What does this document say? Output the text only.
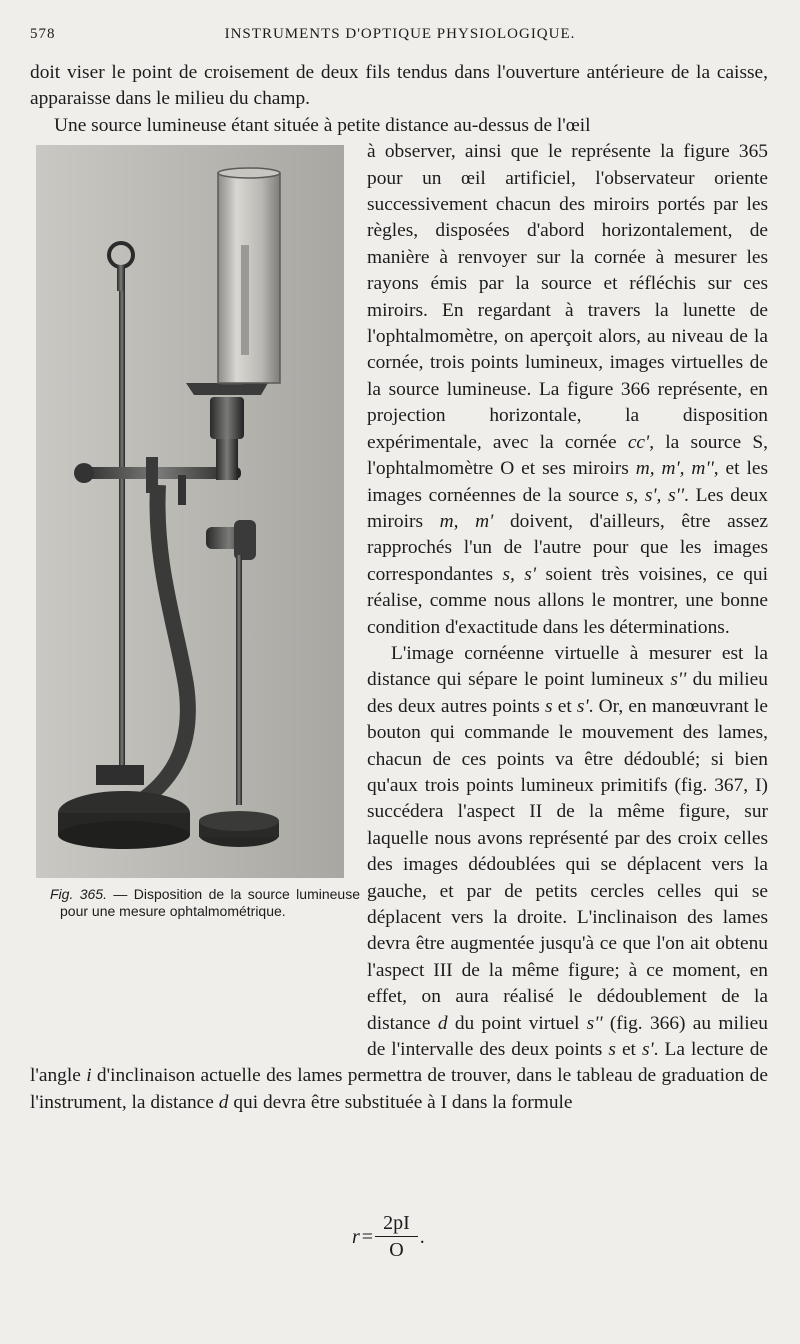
578	INSTRUMENTS D'OPTIQUE PHYSIOLOGIQUE.

doit viser le point de croisement de deux fils tendus dans l'ouverture antérieure de la caisse, apparaisse dans le milieu du champ.

Une source lumineuse étant située à petite distance au-dessus de l'œil

Fig. 365. — Disposition de la source lumineuse pour une mesure ophtalmométrique.

à observer, ainsi que le représente la figure 365 pour un œil artificiel, l'observateur oriente successivement chacun des miroirs portés par les règles, disposées d'abord horizontalement, de manière à renvoyer sur la cornée à mesurer les rayons émis par la source et réfléchis sur ces miroirs. En regardant à travers la lunette de l'ophtalmomètre, on aperçoit alors, au niveau de la cornée, trois points lumineux, images virtuelles de la source lumineuse. La figure 366 représente, en projection horizontale, la disposition expérimentale, avec la cornée cc', la source S, l'ophtalmomètre O et ses miroirs m, m', m'', et les images cornéennes de la source s, s', s''. Les deux miroirs m, m' doivent, d'ailleurs, être assez rapprochés l'un de l'autre pour que les images correspondantes s, s' soient très voisines, ce qui réalise, comme nous allons le montrer, une bonne condition d'exactitude dans les déterminations.

L'image cornéenne virtuelle à mesurer est la distance qui sépare le point lumineux s'' du milieu des deux autres points s et s'. Or, en manœuvrant le bouton qui commande le mouvement des lames, chacun de ces points va être dédoublé; si bien qu'aux trois points lumineux primitifs (fig. 367, I) succédera l'aspect II de la même figure, sur laquelle nous avons représenté par des croix celles des images dédoublées qui se déplacent vers la gauche, et par de petits cercles celles qui se déplacent vers la droite. L'inclinaison des lames devra être augmentée jusqu'à ce que l'on ait obtenu l'aspect III de la même figure; à ce moment, en effet, on aura réalisé le dédoublement de la distance d du point virtuel s'' (fig. 366) au milieu de l'intervalle des deux points s et s'. La lecture de l'angle i d'inclinaison actuelle des lames permettra de trouver, dans le tableau de graduation de l'instrument, la distance d qui devra être substituée à I dans la formule

$r = \frac{2pI}{O}$ .
